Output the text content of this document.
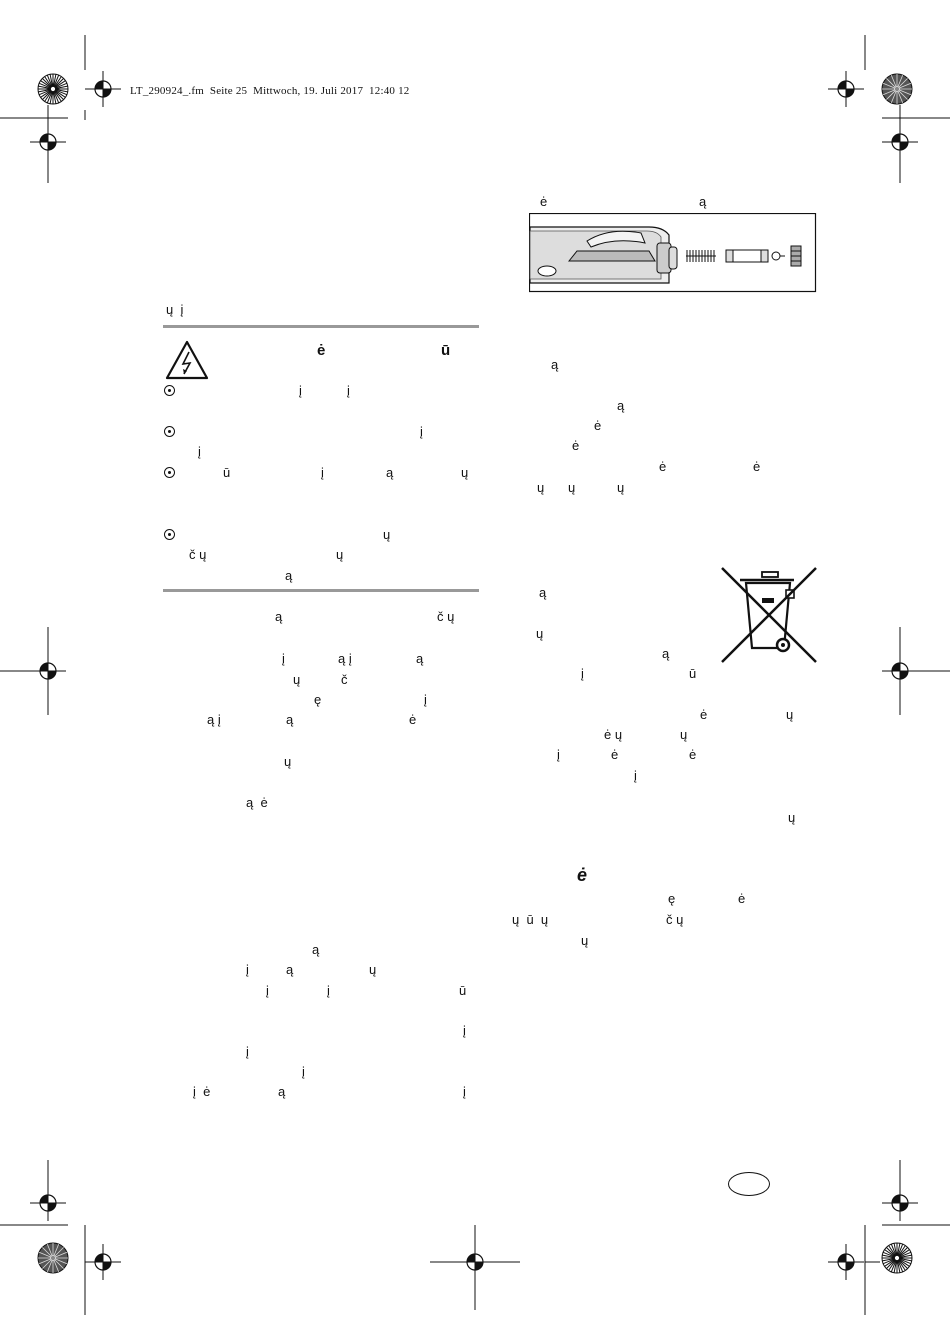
LT_290924_.fm  Seite 25  Mittwoch, 19. Juli 2017  12:40 12
ų  į
ė	ū
į	į
į
į
ū	į	ą	ų
ų
č ų	ų
ą
ą	č ų
į	ą į	ą
ų	č
ę	į
ą į	ą	ė
ų
ą  ė
ą
į	ą	ų
į	į	ū
į
į
į
į  ė	ą	į
ė	ą
ą
ą
ė
ė
ė	ė
ų ų	ų
ą
ų
ą
į	ū
ė	ų
ė ų	ų
į	ė	ė
į
ų
ė
ę	ė
ų  ū  ų	č ų
ų
